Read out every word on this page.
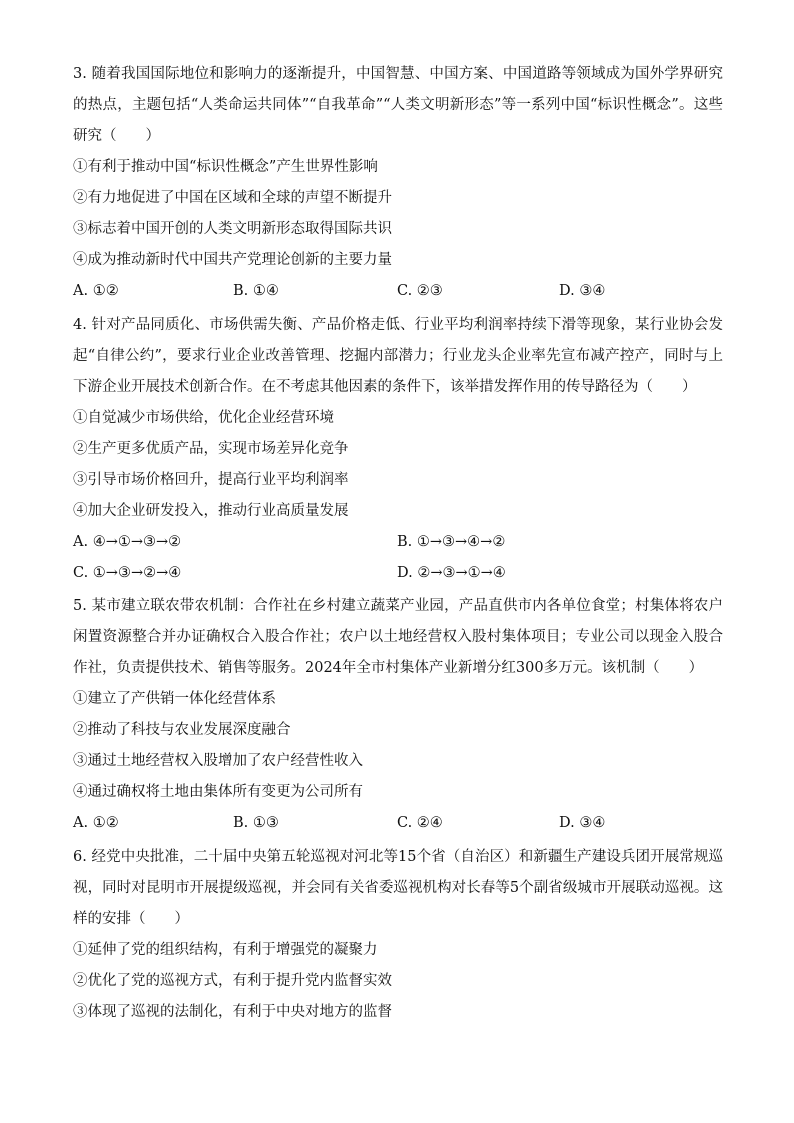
3. 随着我国国际地位和影响力的逐渐提升，中国智慧、中国方案、中国道路等领域成为国外学界研究的热点，主题包括“人类命运共同体”“自我革命”“人类文明新形态”等一系列中国“标识性概念”。这些研究（　　）

①有利于推动中国“标识性概念”产生世界性影响

②有力地促进了中国在区域和全球的声望不断提升

③标志着中国开创的人类文明新形态取得国际共识

④成为推动新时代中国共产党理论创新的主要力量

A. ①②	B. ①④	C. ②③	D. ③④

4. 针对产品同质化、市场供需失衡、产品价格走低、行业平均利润率持续下滑等现象，某行业协会发起“自律公约”，要求行业企业改善管理、挖掘内部潜力；行业龙头企业率先宣布减产控产，同时与上下游企业开展技术创新合作。在不考虑其他因素的条件下，该举措发挥作用的传导路径为（　　）

①自觉减少市场供给，优化企业经营环境

②生产更多优质产品，实现市场差异化竞争

③引导市场价格回升，提高行业平均利润率

④加大企业研发投入，推动行业高质量发展

A. ④→①→③→②	B. ①→③→④→②
C. ①→③→②→④	D. ②→③→①→④

5. 某市建立联农带农机制：合作社在乡村建立蔬菜产业园，产品直供市内各单位食堂；村集体将农户闲置资源整合并办证确权合入股合作社；农户以土地经营权入股村集体项目；专业公司以现金入股合作社，负责提供技术、销售等服务。2024年全市村集体产业新增分红300多万元。该机制（　　）

①建立了产供销一体化经营体系

②推动了科技与农业发展深度融合

③通过土地经营权入股增加了农户经营性收入

④通过确权将土地由集体所有变更为公司所有

A. ①②	B. ①③	C. ②④	D. ③④

6. 经党中央批准，二十届中央第五轮巡视对河北等15个省（自治区）和新疆生产建设兵团开展常规巡视，同时对昆明市开展提级巡视，并会同有关省委巡视机构对长春等5个副省级城市开展联动巡视。这样的安排（　　）

①延伸了党的组织结构，有利于增强党的凝聚力

②优化了党的巡视方式，有利于提升党内监督实效

③体现了巡视的法制化，有利于中央对地方的监督
